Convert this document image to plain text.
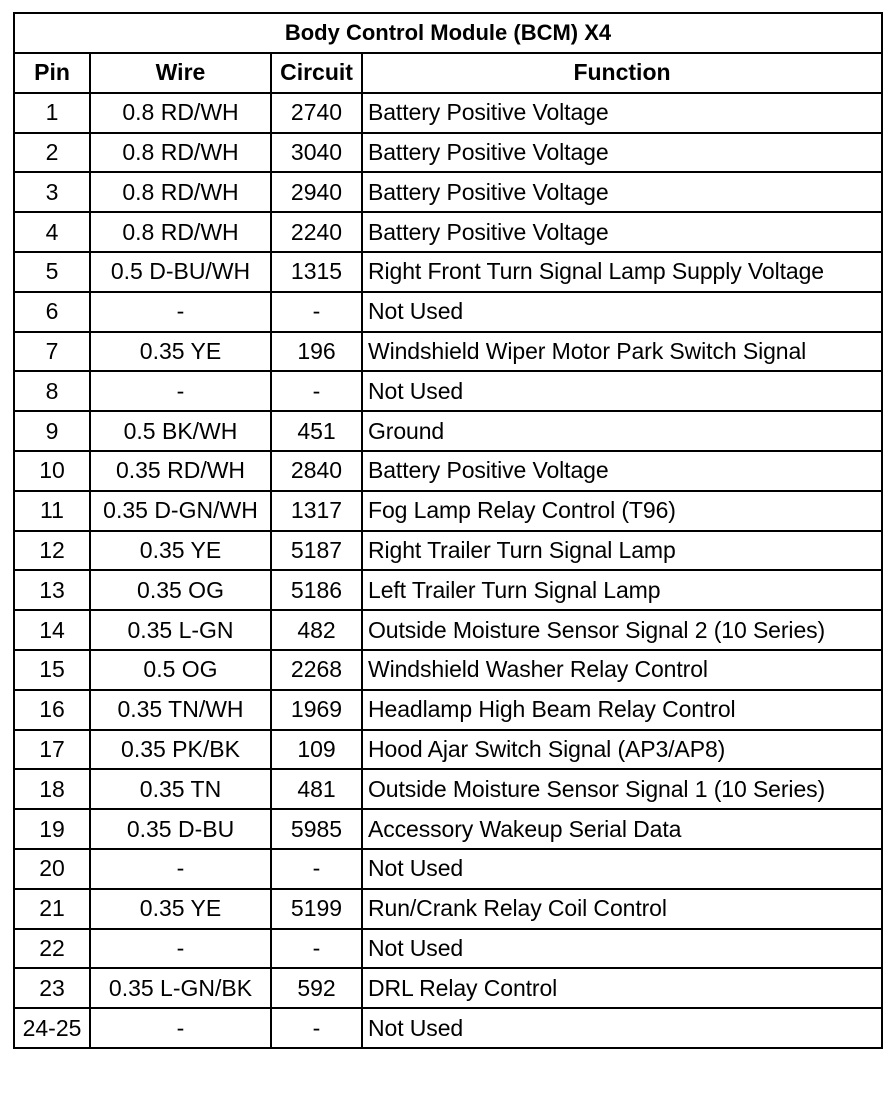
Body Control Module (BCM) X4			
Pin	Wire	Circuit	Function
1	0.8 RD/WH	2740	Battery Positive Voltage
2	0.8 RD/WH	3040	Battery Positive Voltage
3	0.8 RD/WH	2940	Battery Positive Voltage
4	0.8 RD/WH	2240	Battery Positive Voltage
5	0.5 D-BU/WH	1315	Right Front Turn Signal Lamp Supply Voltage
6	-	-	Not Used
7	0.35 YE	196	Windshield Wiper Motor Park Switch Signal
8	-	-	Not Used
9	0.5 BK/WH	451	Ground
10	0.35 RD/WH	2840	Battery Positive Voltage
11	0.35 D-GN/WH	1317	Fog Lamp Relay Control (T96)
12	0.35 YE	5187	Right Trailer Turn Signal Lamp
13	0.35 OG	5186	Left Trailer Turn Signal Lamp
14	0.35 L-GN	482	Outside Moisture Sensor Signal 2 (10 Series)
15	0.5 OG	2268	Windshield Washer Relay Control
16	0.35 TN/WH	1969	Headlamp High Beam Relay Control
17	0.35 PK/BK	109	Hood Ajar Switch Signal (AP3/AP8)
18	0.35 TN	481	Outside Moisture Sensor Signal 1 (10 Series)
19	0.35 D-BU	5985	Accessory Wakeup Serial Data
20	-	-	Not Used
21	0.35 YE	5199	Run/Crank Relay Coil Control
22	-	-	Not Used
23	0.35 L-GN/BK	592	DRL Relay Control
24-25	-	-	Not Used
